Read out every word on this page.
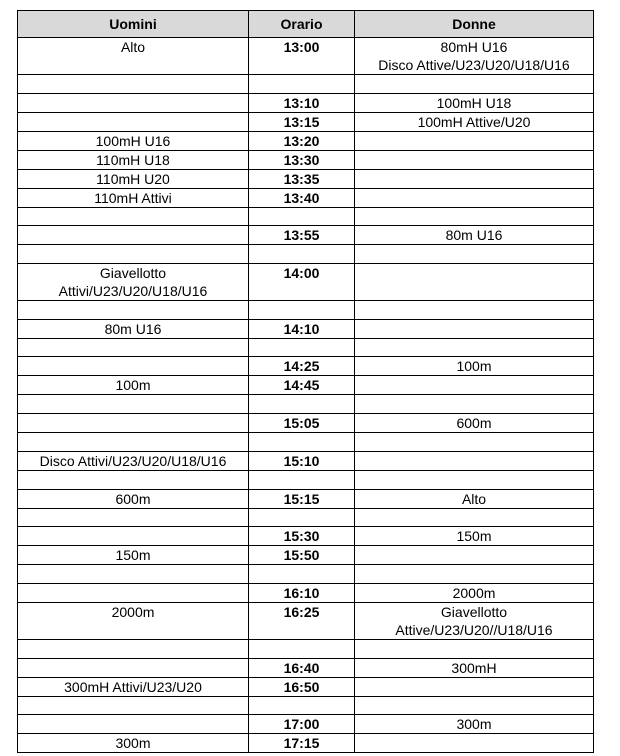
Uomini	Orario	Donne

Alto	13:00	80mH U16
Disco Attive/U23/U20/U18/U16

	13:10	100mH U18

	13:15	100mH Attive/U20

100mH U16	13:20	

110mH U18	13:30	

110mH U20	13:35	

110mH Attivi	13:40	

	13:55	80m U16

Giavellotto
Attivi/U23/U20/U18/U16	14:00	

80m U16	14:10	

	14:25	100m

100m	14:45	

	15:05	600m

Disco Attivi/U23/U20/U18/U16	15:10	

600m	15:15	Alto

	15:30	150m

150m	15:50	

	16:10	2000m

2000m	16:25	Giavellotto
Attive/U23/U20//U18/U16

	16:40	300mH

300mH Attivi/U23/U20	16:50	

	17:00	300m

300m	17:15	
